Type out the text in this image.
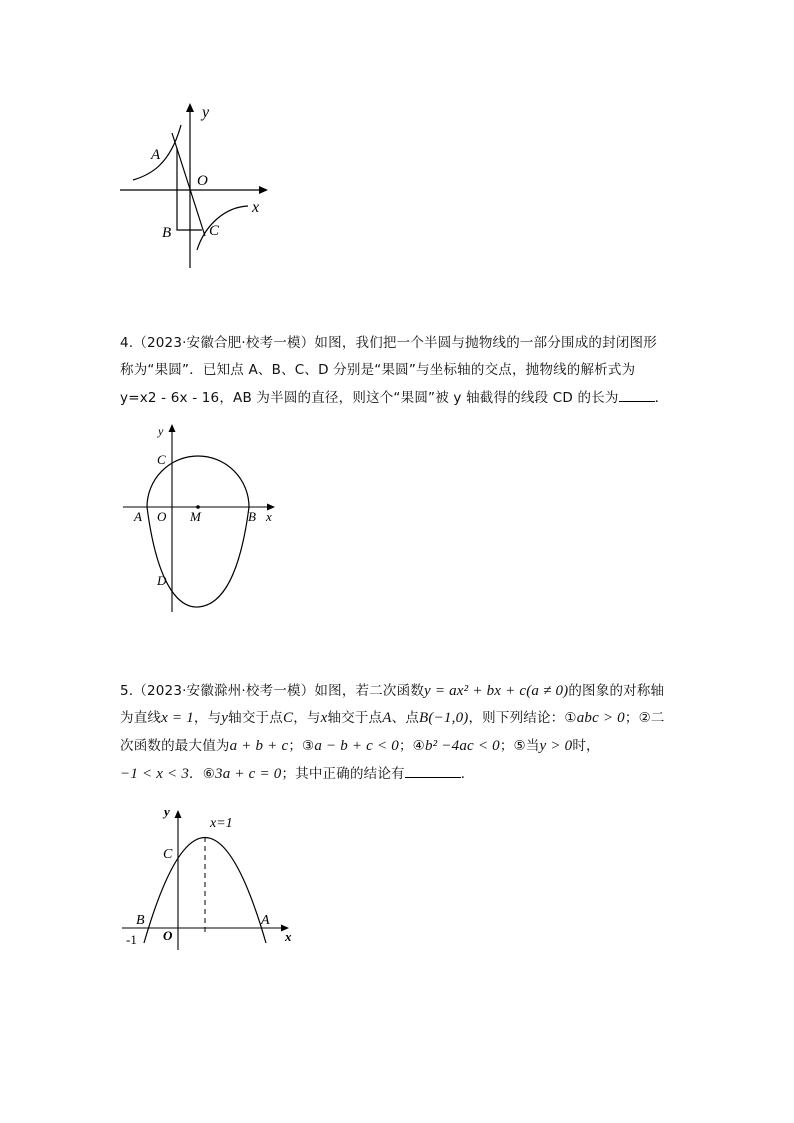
y
A
O
x
B	C
4.（2023·安徽合肥·校考一模）如图，我们把一个半圆与抛物线的一部分围成的封闭图形
称为“果圆”．已知点 A、B、C、D 分别是“果圆”与坐标轴的交点，抛物线的解析式为
y=x2 - 6x - 16，AB 为半圆的直径，则这个“果圆”被 y 轴截得的线段 CD 的长为	．
y
C
A O M	B x
D
5.（2023·安徽滁州·校考一模）如图，若二次函数y = ax² + bx + c(a ≠ 0)的图象的对称轴
为直线x = 1，与y轴交于点C，与x轴交于点A、点B(−1,0)，则下列结论：①abc > 0；②二
次函数的最大值为a + b + c；③a − b + c < 0；④b² −4ac < 0；⑤当y > 0时，
−1 < x < 3．⑥3a + c = 0；其中正确的结论有	．
y
x=1
C
B	A
-1 O	x
